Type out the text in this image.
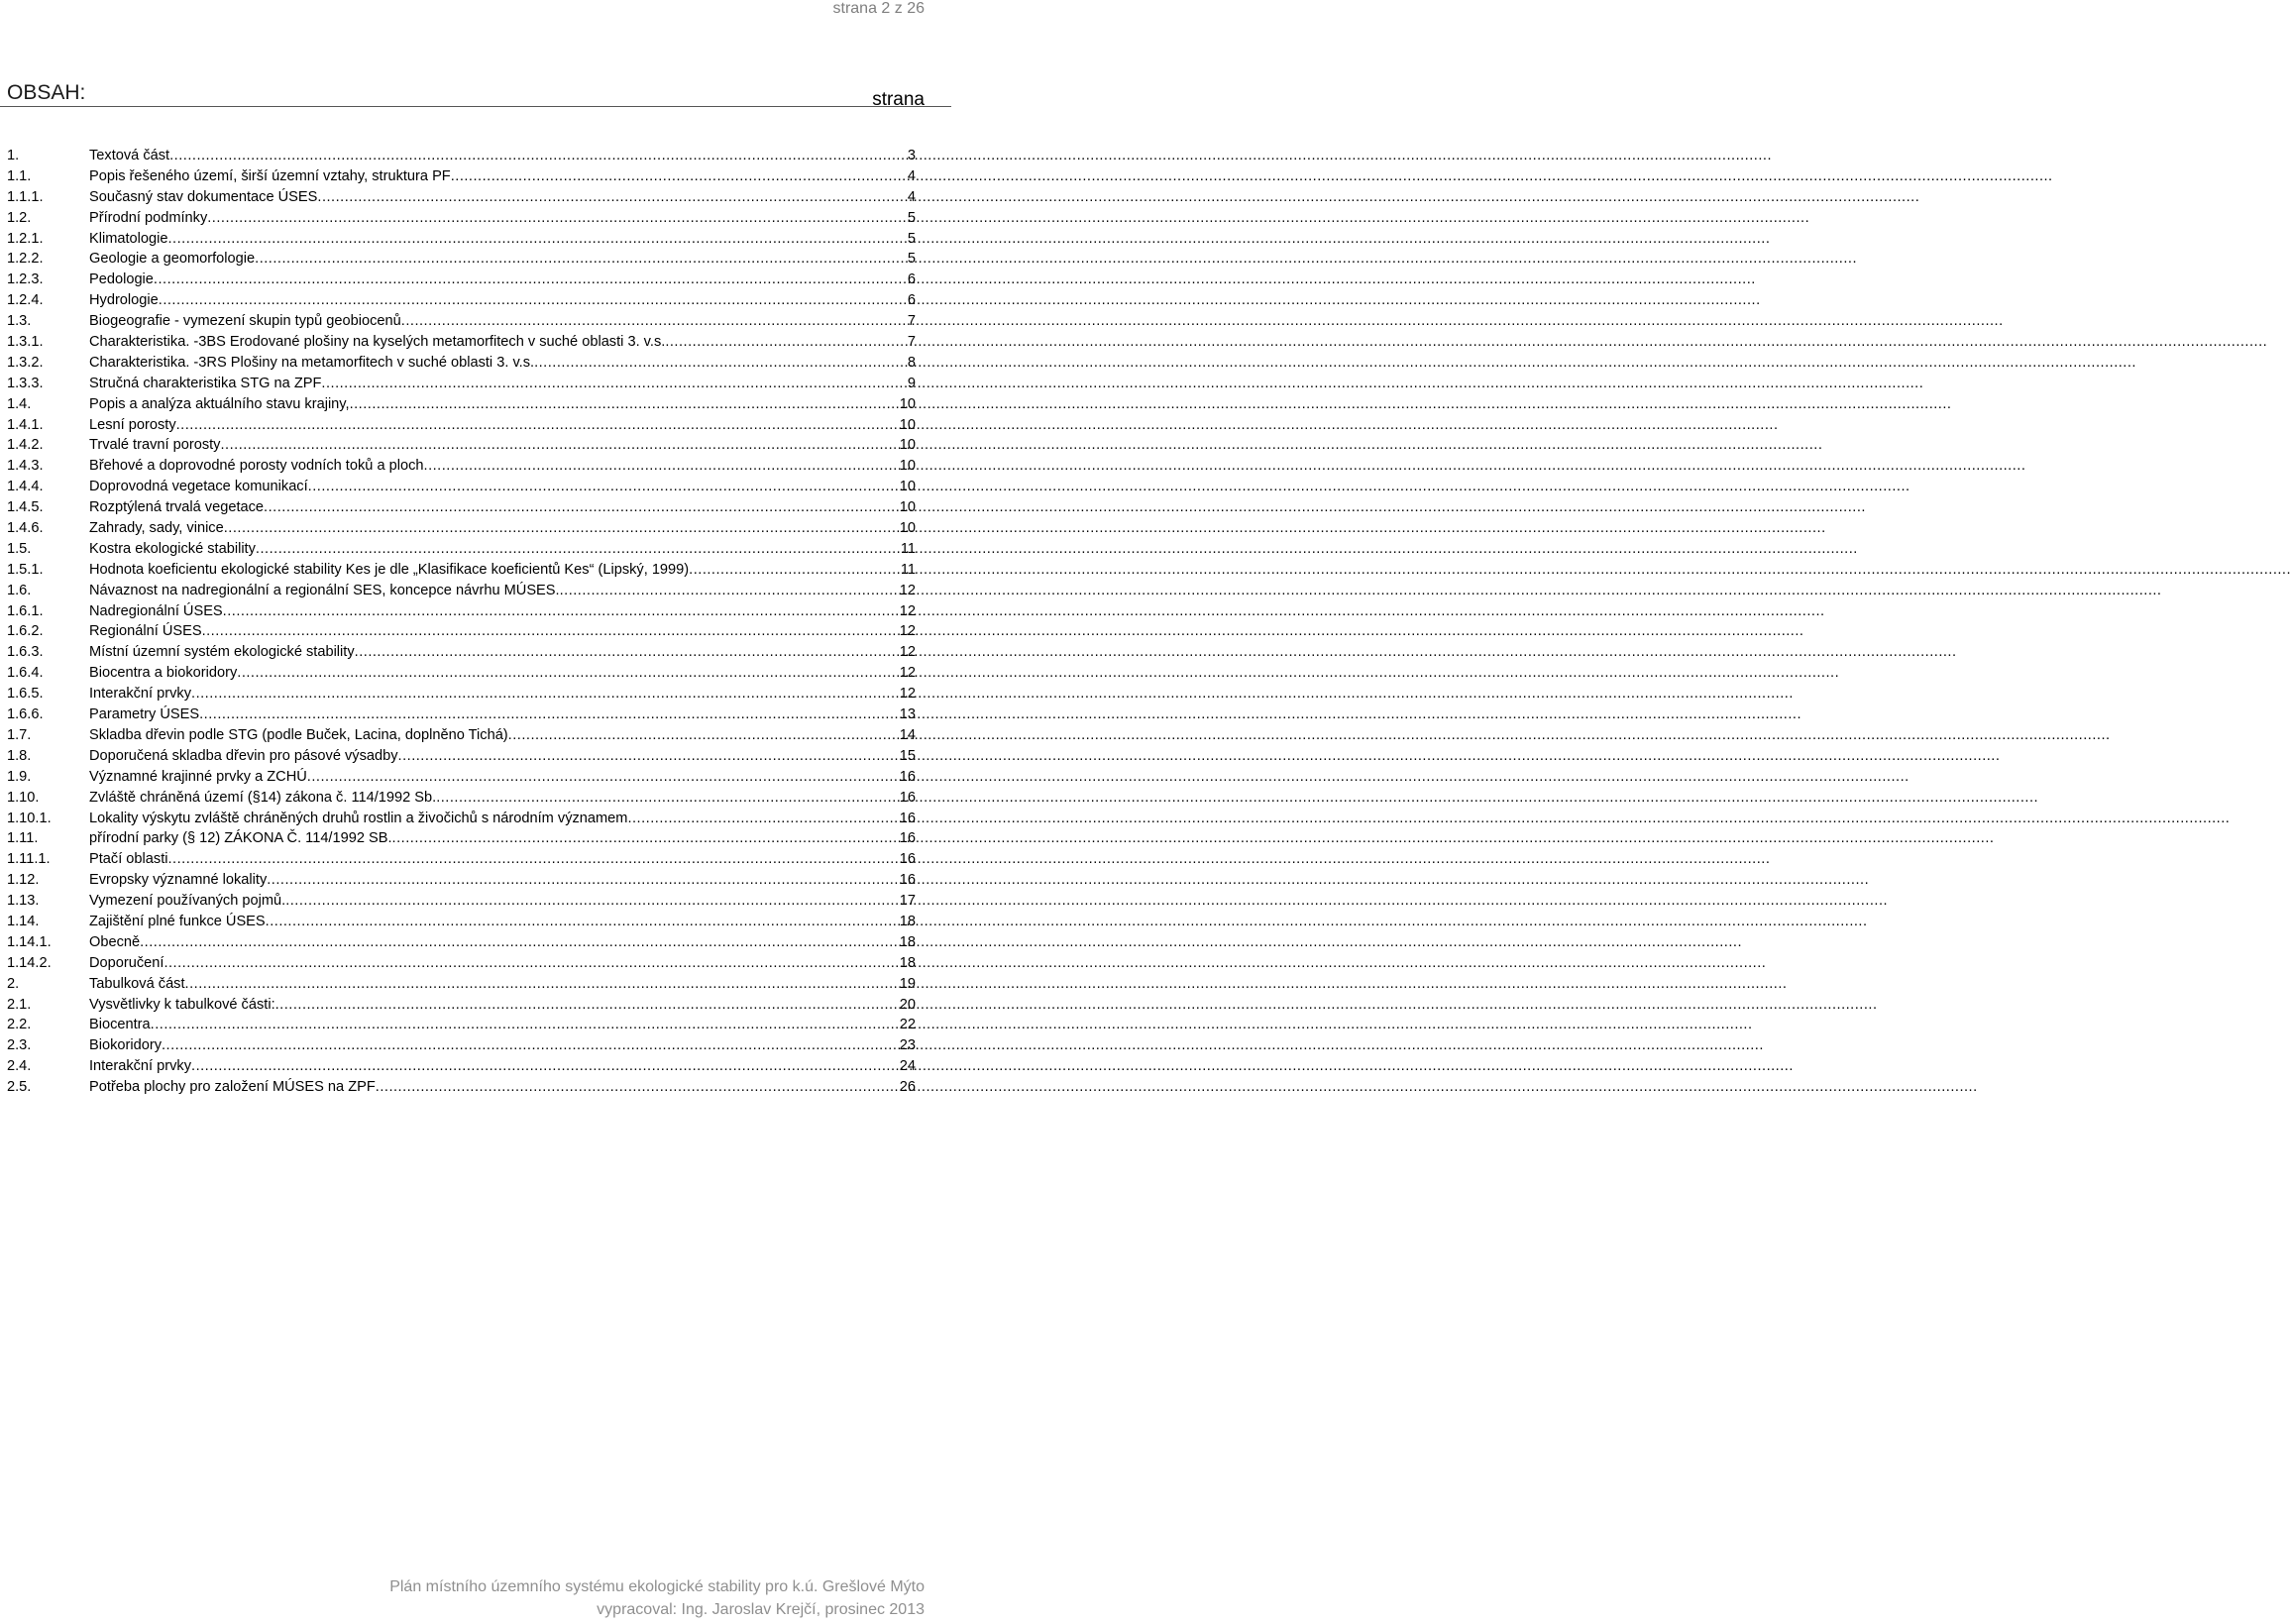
strana 2 z 26
OBSAH:	strana
1.	Textová část .....	3
1.1.	Popis řešeného území, širší územní vztahy, struktura PF .....	4
1.1.1.	Současný stav dokumentace ÚSES .....	4
1.2.	Přírodní podmínky .....	5
1.2.1.	Klimatologie .....	5
1.2.2.	Geologie a geomorfologie .....	5
1.2.3.	Pedologie .....	6
1.2.4.	Hydrologie .....	6
1.3.	Biogeografie - vymezení skupin typů geobiocenů .....	7
1.3.1.	Charakteristika. -3BS Erodované plošiny na kyselých metamorfitech v suché oblasti 3. v.s. .....	7
1.3.2.	Charakteristika. -3RS Plošiny na metamorfitech v suché oblasti 3. v.s. .....	8
1.3.3.	Stručná charakteristika STG na ZPF .....	9
1.4.	Popis a analýza aktuálního stavu krajiny, .....	10
1.4.1.	Lesní porosty .....	10
1.4.2.	Trvalé travní porosty .....	10
1.4.3.	Břehové a doprovodné porosty vodních toků a ploch .....	10
1.4.4.	Doprovodná vegetace komunikací .....	10
1.4.5.	Rozptýlená trvalá vegetace .....	10
1.4.6.	Zahrady, sady, vinice .....	10
1.5.	Kostra ekologické stability .....	11
1.5.1.	Hodnota koeficientu ekologické stability Kes je dle „Klasifikace koeficientů Kes“ (Lipský, 1999) .....	11
1.6.	Návaznost na nadregionální a regionální SES, koncepce návrhu MÚSES. .....	12
1.6.1.	Nadregionální ÚSES .....	12
1.6.2.	Regionální ÚSES .....	12
1.6.3.	Místní územní systém ekologické stability .....	12
1.6.4.	Biocentra a biokoridory .....	12
1.6.5.	Interakční prvky .....	12
1.6.6.	Parametry ÚSES .....	13
1.7.	Skladba dřevin podle STG (podle Buček, Lacina, doplněno Tichá) .....	14
1.8.	Doporučená skladba dřevin pro pásové výsadby .....	15
1.9.	Významné krajinné prvky a ZCHÚ .....	16
1.10.	Zvláště chráněná území (§14) zákona č. 114/1992 Sb. .....	16
1.10.1.	Lokality výskytu zvláště chráněných druhů rostlin a živočichů s národním významem .....	16
1.11.	přírodní parky (§ 12) ZÁKONA Č. 114/1992 SB. .....	16
1.11.1.	Ptačí oblasti .....	16
1.12.	Evropsky významné lokality .....	16
1.13.	Vymezení používaných pojmů. .....	17
1.14.	Zajištění plné funkce ÚSES .....	18
1.14.1.	Obecně .....	18
1.14.2.	Doporučení .....	18
2.	Tabulková část .....	19
2.1.	Vysvětlivky k tabulkové části: .....	20
2.2.	Biocentra .....	22
2.3.	Biokoridory .....	23
2.4.	Interakční prvky .....	24
2.5.	Potřeba plochy pro založení MÚSES na ZPF .....	26
Plán místního územního systému ekologické stability pro k.ú. Grešlové Mýto
vypracoval: Ing. Jaroslav Krejčí, prosinec 2013
